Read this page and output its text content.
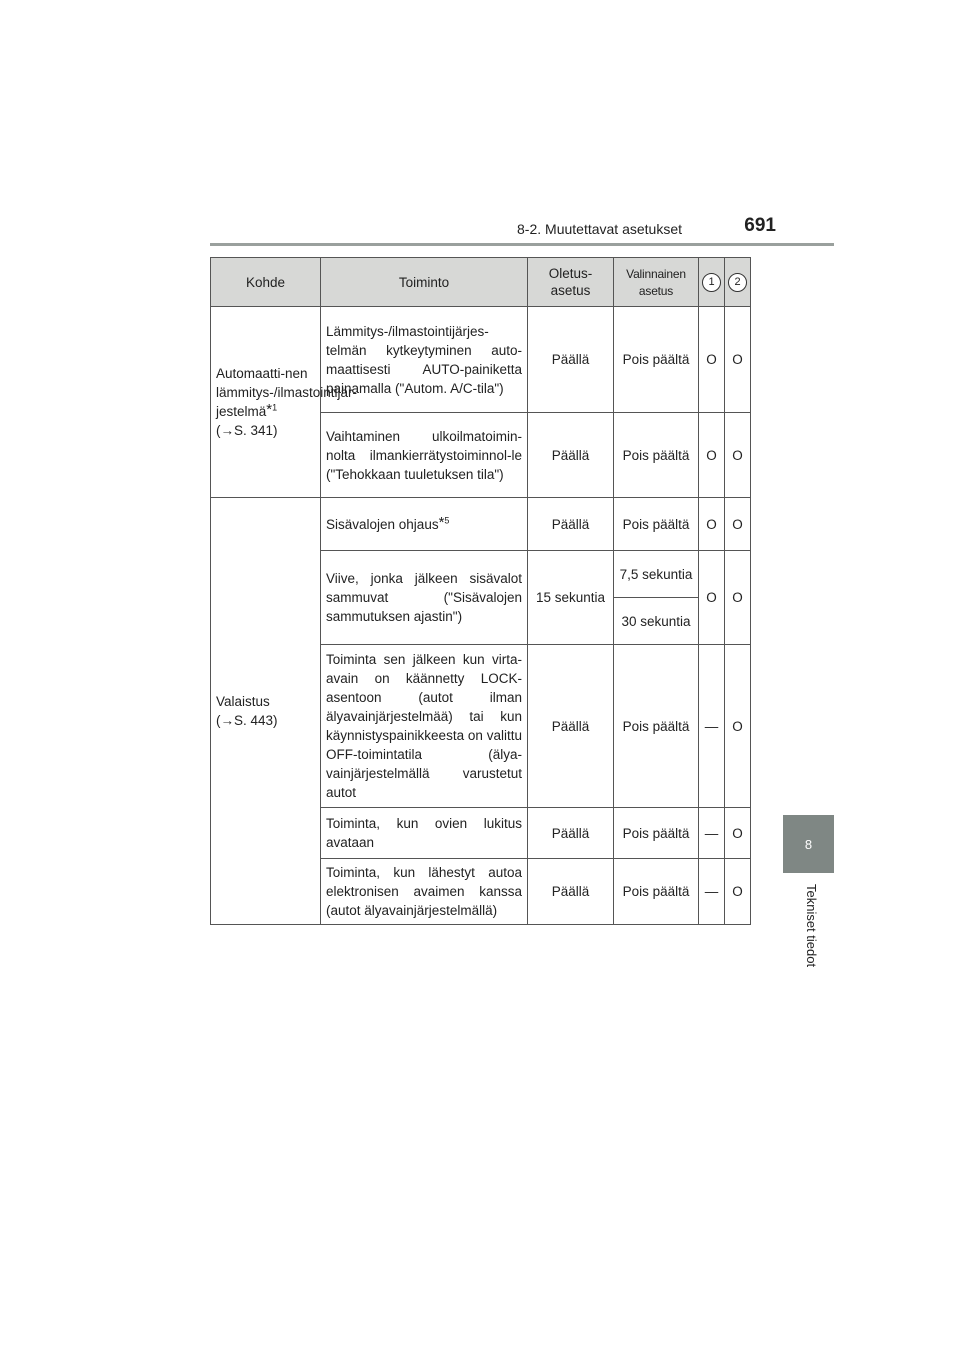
8-2. Muutettavat asetukset	691
8
Tekniset tiedot
Kohde	Toiminto	Oletus-asetus	Valinnainen asetus	1	2
Automaatti-nen lämmitys-/ilmastointijär-jestelmä*$^1$
(→S. 341)	Lämmitys-/ilmastointijärjes-telmän kytkeytyminen auto-maattisesti AUTO-painiketta painamalla ("Autom. A/C-tila")	Päällä	Pois päältä	O	O
	Vaihtaminen ulkoilmatoimin-nolta ilmankierrätystoiminnol-le ("Tehokkaan tuuletuksen tila")	Päällä	Pois päältä	O	O
Valaistus
(→S. 443)	Sisävalojen ohjaus*$^5$	Päällä	Pois päältä	O	O
	Viive, jonka jälkeen sisävalot sammuvat ("Sisävalojen sammutuksen ajastin")	15 sekuntia	7,5 sekuntia	O	O
			30 sekuntia		
	Toiminta sen jälkeen kun virta-avain on käännetty LOCK-asentoon (autot ilman älyavainjärjestelmää) tai kun käynnistyspainikkeesta on valittu OFF-toimintatila (älya-vainjärjestelmällä varustetut autot	Päällä	Pois päältä	—	O
	Toiminta, kun ovien lukitus avataan	Päällä	Pois päältä	—	O
	Toiminta, kun lähestyt autoa elektronisen avaimen kanssa (autot älyavainjärjestelmällä)	Päällä	Pois päältä	—	O
